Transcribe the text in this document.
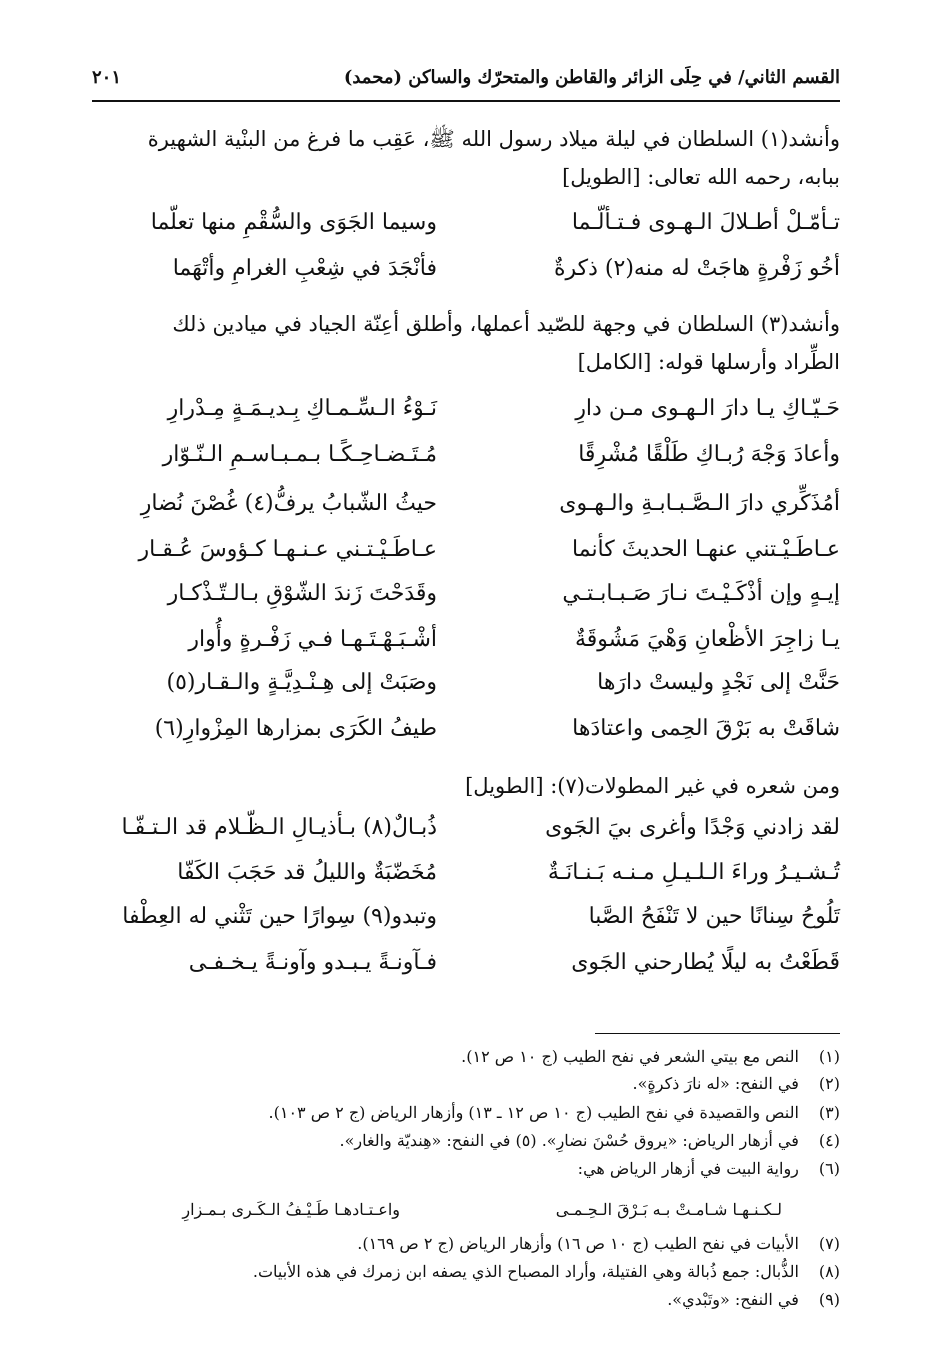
القسم الثاني/ في حِلَى الزائر والقاطن والمتحرّك والساكن (محمد)
٢٠١
وأنشد(١) السلطان في ليلة ميلاد رسول الله ﷺ، عَقِب ما فرغ من البنْية الشهيرة
ببابه، رحمه الله تعالى: [الطويل]
تـأمّـلْ أطـلالَ الـهـوى فـتـألّـما
وسيما الجَوَى والسُّقْمِ منها تعلّما
أخُو زَفْرةٍ هاجَتْ له منه(٢) ذكرةٌ
فأنْجَدَ في شِعْبِ الغرامِ وأتْهَما
وأنشد(٣) السلطان في وجهة للصّيد أعملها، وأطلق أعِنّة الجياد في ميادين ذلك
الطِّراد وأرسلها قوله: [الكامل]
حَـيّـاكِ يـا دارَ الـهـوى مـن دارِ
نَـوْءُ الـسِّـمـاكِ بِـديـمَـةٍ مِـدْرارِ
وأعادَ وَجْهَ رُبـاكِ طَلْقًا مُشْرِقًا
مُـتَـضـاحِـكًـا بـمـبـاسـمِ الـنّـوّار
أمُذَكِّري دارَ الـصَّـبـابـةِ والـهـوى
حيثُ الشّبابُ يرفُّ(٤) غُصْنَ نُضارِ
عـاطَـيْـتني عنهـا الحديثَ كأنما
عـاطَـيْـتـني عـنـهـا كـؤوسَ عُـقـار
إيـهٍ وإن أذْكَـيْـتَ نـارَ صَـبـابـتـي
وقَدَحْتَ زَندَ الشّوْقِ بـالـتّـذْكـار
يـا زاجِرَ الأظْعانِ وَهْيَ مَشُوقَةٌ
أشْـبَـهْـتَـهـا فـي زَفْـرةٍ وأُوار
حَنَّتْ إلى نَجْدٍ وليستْ دارَها
وصَبَتْ إلى هِـنْـدِيَّـةٍ والـقـار(٥)
شاقَتْ به بَرْقَ الحِمى واعتادَها
طيفُ الكَرَى بمزارها المِزْوارِ(٦)
ومن شعره في غير المطولات(٧): [الطويل]
لقد زادني وَجْدًا وأغرى بيَ الجَوى
ذُبـالٌ(٨) بـأذيـالِ الـظّـلام قد الـتـفّـا
تُـشـيـرُ وراءَ الـلـيـلِ مـنـه بَـنـانَـةٌ
مُخَضّبَةٌ والليلُ قد حَجَبَ الكَفّا
تَلُوحُ سِنانًا حين لا تَنْفَحُ الصَّبا
وتبدو(٩) سِوارًا حين تَثْني له العِطْفا
قَطَعْتُ به ليلًا يُطارحني الجَوى
فـآونـةً يـبـدو وآونـةً يـخـفـى
(١) النص مع بيتي الشعر في نفح الطيب (ج ١٠ ص ١٢).
(٢) في النفح: «له نارَ ذكرةٍ».
(٣) النص والقصيدة في نفح الطيب (ج ١٠ ص ١٢ ـ ١٣) وأزهار الرياض (ج ٢ ص ١٠٣).
(٤) في أزهار الرياض: «يروق حُسْنَ نضارِ». (٥) في النفح: «هِنديّة والغار».
(٦) رواية البيت في أزهار الرياض هي:
لـكـنـهـا شـامـتْ بـه بَـرْقَ الـحِـمـى
واعـتـادهـا طَـيْـفُ الـكَـرى بـمـزارِ
(٧) الأبيات في نفح الطيب (ج ١٠ ص ١٦) وأزهار الرياض (ج ٢ ص ١٦٩).
(٨) الذُّبال: جمع ذُبالة وهي الفتيلة، وأراد المصباح الذي يصفه ابن زمرك في هذه الأبيات.
(٩) في النفح: «وتَبْدي».
